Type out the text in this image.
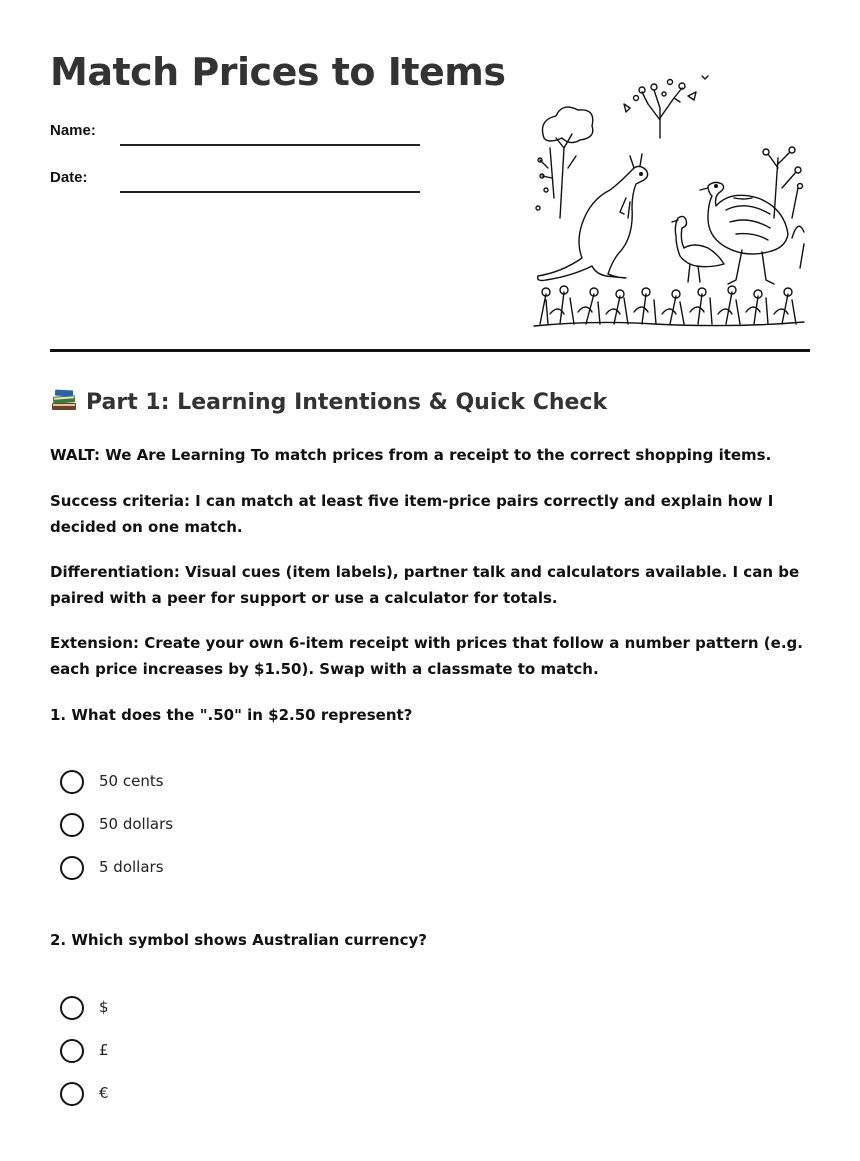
Match Prices to Items
Name:
Date:
Part 1: Learning Intentions & Quick Check

WALT: We Are Learning To match prices from a receipt to the correct shopping items.

Success criteria: I can match at least five item-price pairs correctly and explain how I decided on one match.

Differentiation: Visual cues (item labels), partner talk and calculators available. I can be paired with a peer for support or use a calculator for totals.

Extension: Create your own 6-item receipt with prices that follow a number pattern (e.g. each price increases by $1.50). Swap with a classmate to match.

1. What does the ".50" in $2.50 represent?

50 cents
50 dollars
5 dollars

2. Which symbol shows Australian currency?

$
£
€
